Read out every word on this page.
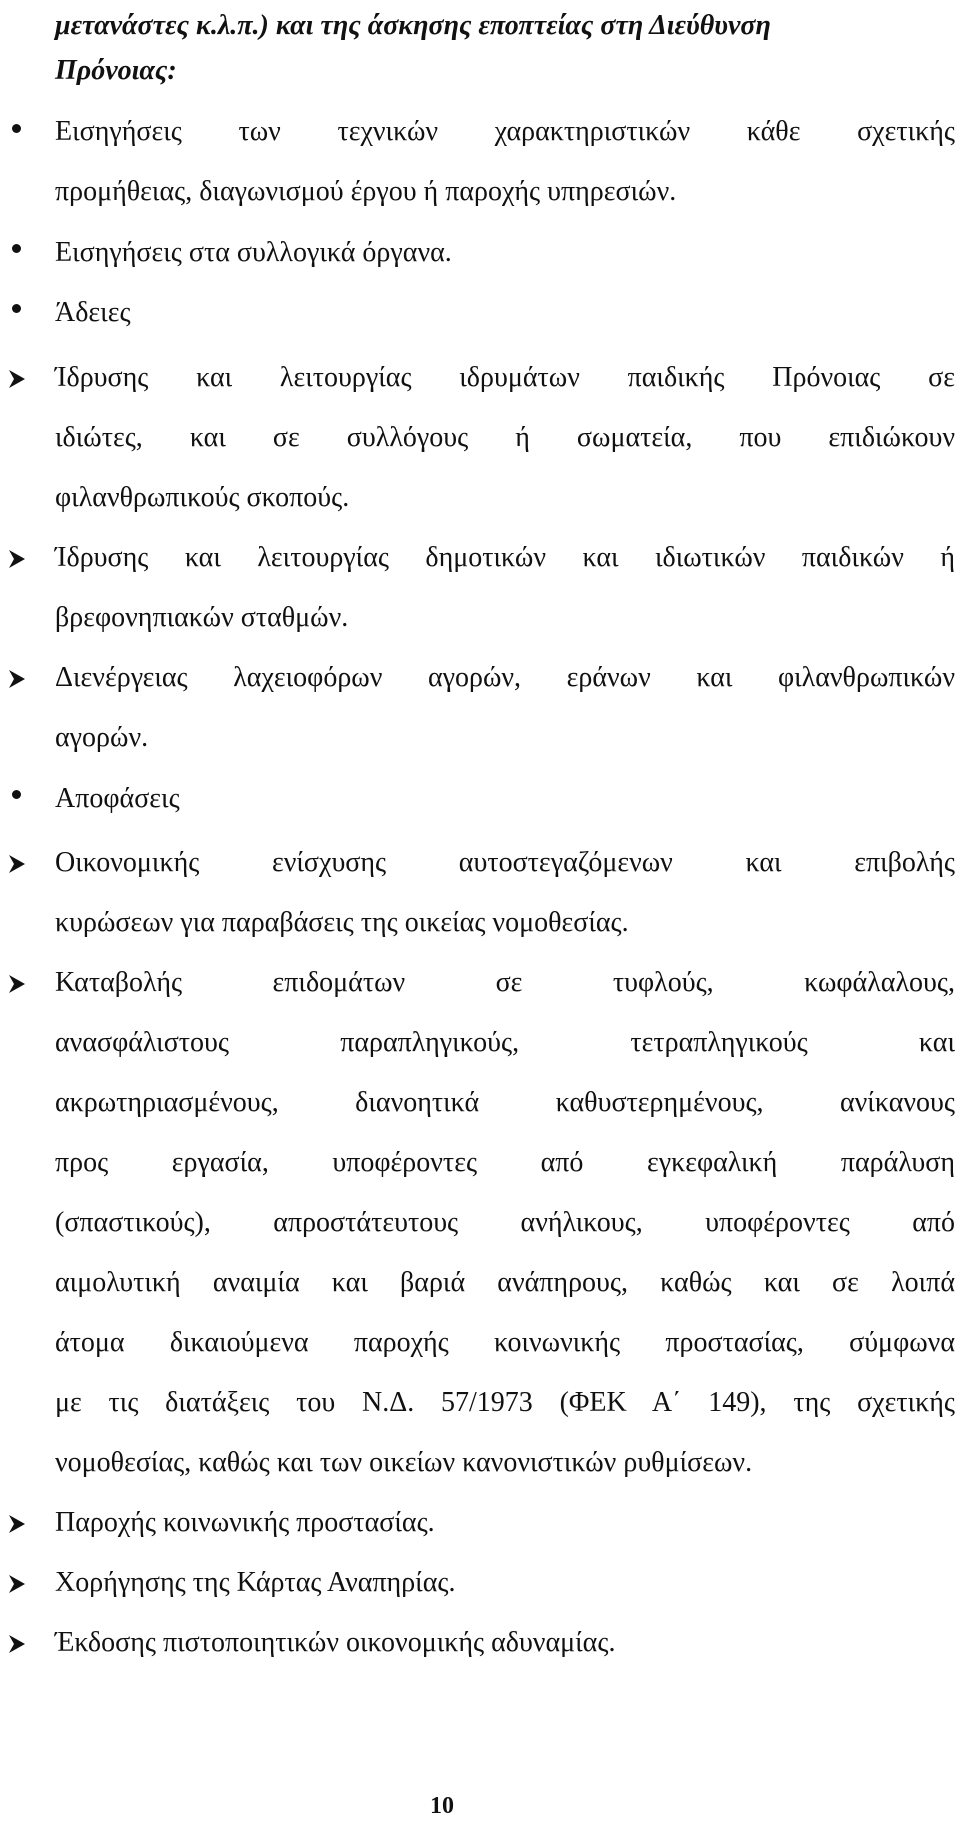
μετανάστες κ.λ.π.) και της άσκησης εποπτείας στη Διεύθυνση
Πρόνοιας:
Εισηγήσεις των τεχνικών χαρακτηριστικών κάθε σχετικής
προμήθειας, διαγωνισμού έργου ή παροχής υπηρεσιών.
Εισηγήσεις στα συλλογικά όργανα.
Άδειες
Ίδρυσης και λειτουργίας ιδρυμάτων παιδικής Πρόνοιας σε
ιδιώτες, και σε συλλόγους ή σωματεία, που επιδιώκουν
φιλανθρωπικούς σκοπούς.
Ίδρυσης και λειτουργίας δημοτικών και ιδιωτικών παιδικών ή
βρεφονηπιακών σταθμών.
Διενέργειας λαχειοφόρων αγορών, εράνων και φιλανθρωπικών
αγορών.
Αποφάσεις
Οικονομικής ενίσχυσης αυτοστεγαζόμενων και επιβολής
κυρώσεων για παραβάσεις της οικείας νομοθεσίας.
Καταβολής επιδομάτων σε τυφλούς, κωφάλαλους,
ανασφάλιστους παραπληγικούς, τετραπληγικούς και
ακρωτηριασμένους, διανοητικά καθυστερημένους, ανίκανους
προς εργασία, υποφέροντες από εγκεφαλική παράλυση
(σπαστικούς), απροστάτευτους ανήλικους, υποφέροντες από
αιμολυτική αναιμία και βαριά ανάπηρους, καθώς και σε λοιπά
άτομα δικαιούμενα παροχής κοινωνικής προστασίας, σύμφωνα
με τις διατάξεις του Ν.Δ. 57/1973 (ΦΕΚ Α΄ 149), της σχετικής
νομοθεσίας, καθώς και των οικείων κανονιστικών ρυθμίσεων.
Παροχής κοινωνικής προστασίας.
Χορήγησης της Κάρτας Αναπηρίας.
Έκδοσης πιστοποιητικών οικονομικής αδυναμίας.
10
